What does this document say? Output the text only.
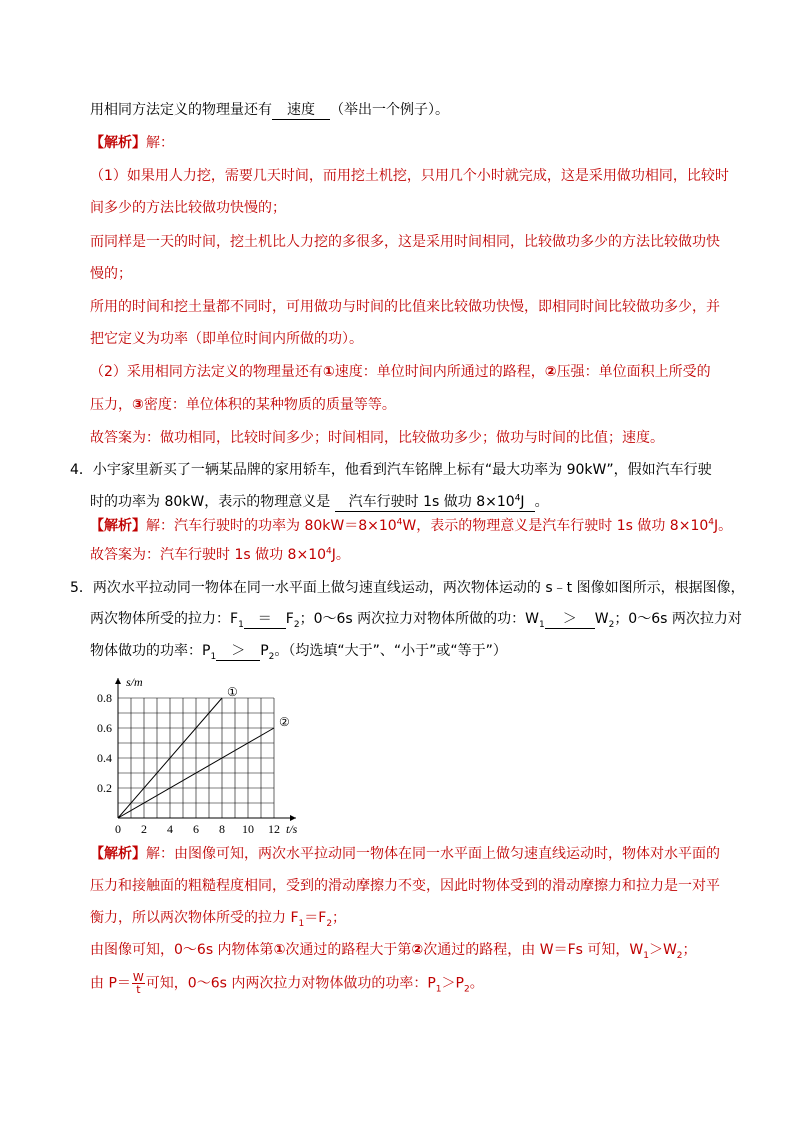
用相同方法定义的物理量还有 速度 （举出一个例子）。
【解析】解：
（1）如果用人力挖，需要几天时间，而用挖土机挖，只用几个小时就完成，这是采用做功相同，比较时
间多少的方法比较做功快慢的；
而同样是一天的时间，挖土机比人力挖的多很多，这是采用时间相同，比较做功多少的方法比较做功快
慢的；
所用的时间和挖土量都不同时，可用做功与时间的比值来比较做功快慢，即相同时间比较做功多少，并
把它定义为功率（即单位时间内所做的功）。
（2）采用相同方法定义的物理量还有①速度：单位时间内所通过的路程，②压强：单位面积上所受的
压力，③密度：单位体积的某种物质的质量等等。
故答案为：做功相同，比较时间多少；时间相同，比较做功多少；做功与时间的比值；速度。
4．小宇家里新买了一辆某品牌的家用轿车，他看到汽车铭牌上标有“最大功率为 90kW”，假如汽车行驶
时的功率为 80kW，表示的物理意义是 汽车行驶时 1s 做功 $8\times 10^4J$ 。
【解析】解：汽车行驶时的功率为 $80kW=8\times 10^4W$，表示的物理意义是汽车行驶时 1s 做功 $8\times 10^4J$。
故答案为：汽车行驶时 1s 做功 $8\times 10^4J$。
5．两次水平拉动同一物体在同一水平面上做匀速直线运动，两次物体运动的 s﹣t 图像如图所示，根据图像，
两次物体所受的拉力：$F_1 = F_2$；0～6s 两次拉力对物体所做的功：$W_1 > W_2$；0～6s 两次拉力对
物体做功的功率：$P_1 > P_2$。（均选填“大于”、“小于”或“等于”）
①
②
0 2 4 6 8 10 12
0.2
0.4
0.6
0.8
t/s
s/m
【解析】解：由图像可知，两次水平拉动同一物体在同一水平面上做匀速直线运动时，物体对水平面的
压力和接触面的粗糙程度相同，受到的滑动摩擦力不变，因此时物体受到的滑动摩擦力和拉力是一对平
衡力，所以两次物体所受的拉力 $F_1=F_2$；
由图像可知，0～6s 内物体第①次通过的路程大于第②次通过的路程，由 W＝Fs 可知，$W_1>W_2$；
由 $P= \frac{W}{t}$ 可知，0～6s 内两次拉力对物体做功的功率：$P_1>P_2$。
